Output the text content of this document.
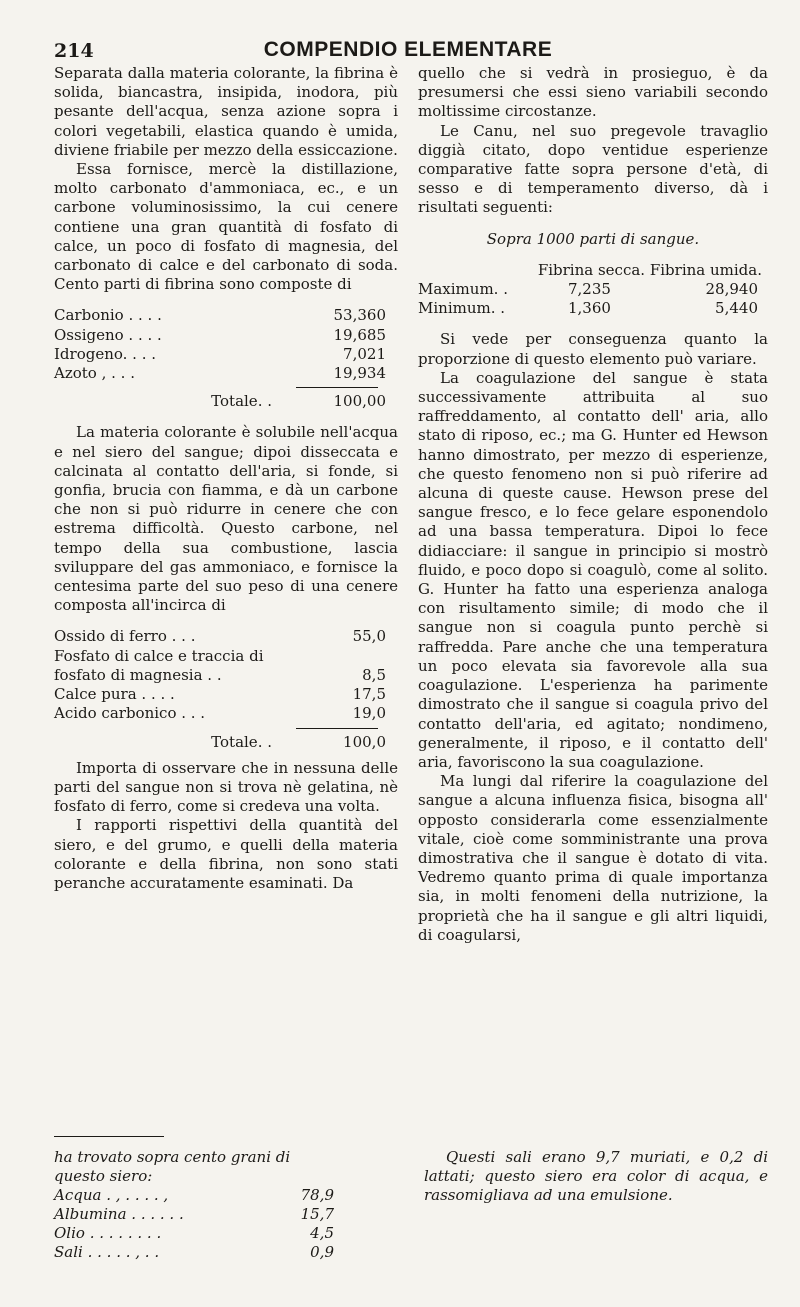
214	COMPENDIO ELEMENTARE

Separata dalla materia colorante, la fibrina è solida, biancastra, insipida, inodora, più pesante dell'acqua, senza azione sopra i colori vegetabili, elastica quando è umida, diviene friabile per mezzo della essiccazione.

Essa fornisce, mercè la distillazione, molto carbonato d'ammoniaca, ec., e un carbone voluminosissimo, la cui cenere contiene una gran quantità di fosfato di calce, un poco di fosfato di magnesia, del carbonato di calce e del carbonato di soda. Cento parti di fibrina sono composte di

Carbonio . . . .	53,360
Ossigeno . . . .	19,685
Idrogeno. . . .	7,021
Azoto , . . .	19,934
Totale. .	100,00

La materia colorante è solubile nell'acqua e nel siero del sangue; dipoi disseccata e calcinata al contatto dell'aria, si fonde, si gonfia, brucia con fiamma, e dà un carbone che non si può ridurre in cenere che con estrema difficoltà. Questo carbone, nel tempo della sua combustione, lascia sviluppare del gas ammoniaco, e fornisce la centesima parte del suo peso di una cenere composta all'incirca di

Ossido di ferro . . .	55,0
Fosfato di calce e traccia di fosfato di magnesia . .	8,5
Calce pura . . . .	17,5
Acido carbonico . . .	19,0
Totale. .	100,0

Importa di osservare che in nessuna delle parti del sangue non si trova nè gelatina, nè fosfato di ferro, come si credeva una volta.

I rapporti rispettivi della quantità del siero, e del grumo, e quelli della materia colorante e della fibrina, non sono stati peranche accuratamente esaminati. Da

quello che si vedrà in prosieguo, è da presumersi che essi sieno variabili secondo moltissime circostanze.

Le Canu, nel suo pregevole travaglio diggià citato, dopo ventidue esperienze comparative fatte sopra persone d'età, di sesso e di temperamento diverso, dà i risultati seguenti:

Sopra 1000 parti di sangue.

Fibrina secca. Fibrina umida.
Maximum. .	7,235	28,940
Minimum. .	1,360	5,440

Si vede per conseguenza quanto la proporzione di questo elemento può variare.

La coagulazione del sangue è stata successivamente attribuita al suo raffreddamento, al contatto dell' aria, allo stato di riposo, ec.; ma G. Hunter ed Hewson hanno dimostrato, per mezzo di esperienze, che questo fenomeno non si può riferire ad alcuna di queste cause. Hewson prese del sangue fresco, e lo fece gelare esponendolo ad una bassa temperatura. Dipoi lo fece didiacciare: il sangue in principio si mostrò fluido, e poco dopo si coagulò, come al solito. G. Hunter ha fatto una esperienza analoga con risultamento simile; di modo che il sangue non si coagula punto perchè si raffredda. Pare anche che una temperatura un poco elevata sia favorevole alla sua coagulazione. L'esperienza ha parimente dimostrato che il sangue si coagula privo del contatto dell'aria, ed agitato; nondimeno, generalmente, il riposo, e il contatto dell' aria, favoriscono la sua coagulazione.

Ma lungi dal riferire la coagulazione del sangue a alcuna influenza fisica, bisogna all' opposto considerarla come essenzialmente vitale, cioè come somministrante una prova dimostrativa che il sangue è dotato di vita. Vedremo quanto prima di quale importanza sia, in molti fenomeni della nutrizione, la proprietà che ha il sangue e gli altri liquidi, di coagularsi,

ha trovato sopra cento grani di questo siero:

Acqua . , . . . . ,	78,9
Albumina . . . . . .	15,7
Olio . . . . . . . .	4,5
Sali . . . . . , . .	0,9

Questi sali erano 9,7 muriati, e 0,2 di lattati; questo siero era color di acqua, e rassomigliava ad una emulsione.
